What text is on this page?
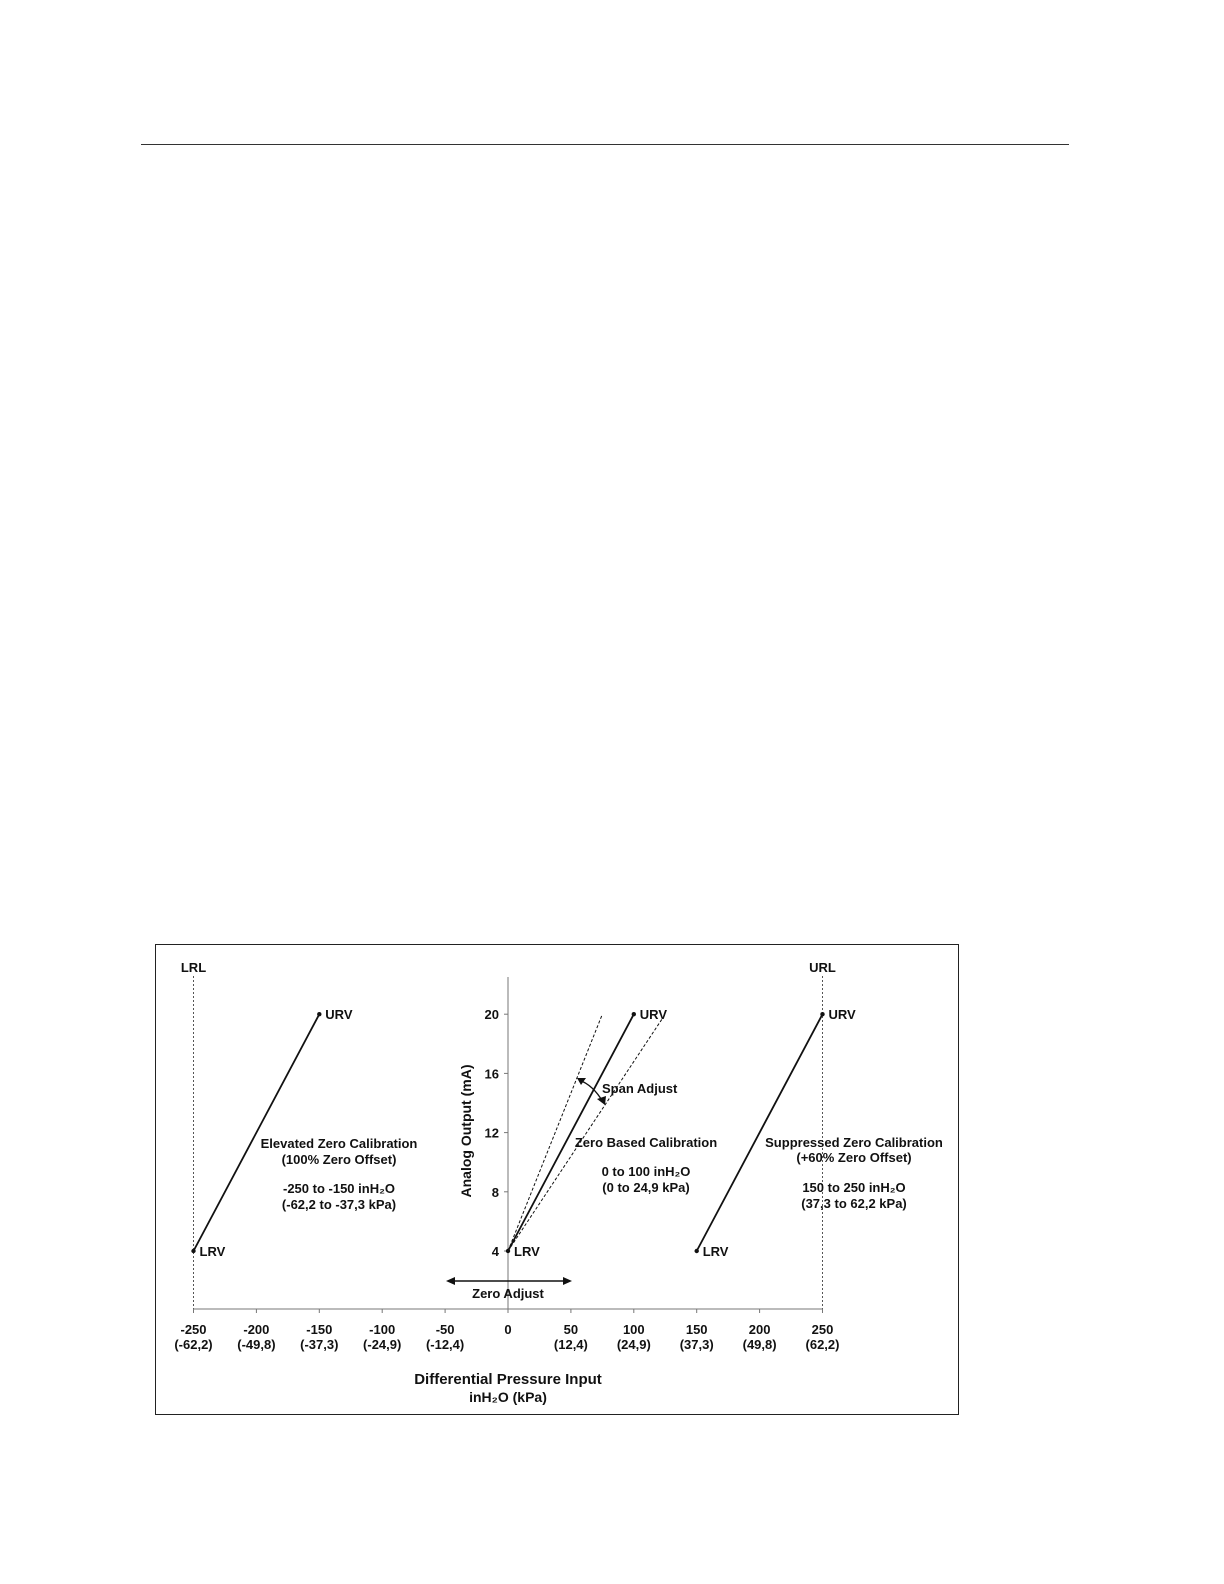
LRL	URL
-250
(-62,2)
-200
(-49,8)
-150
(-37,3)
-100
(-24,9)
-50
(-12,4)
0	50
(12,4)
100
(24,9)
150
(37,3)
200
(49,8)
250
(62,2)
4
8
12
16
20
LRV
URV
LRV
URV
LRV
URV
Elevated Zero Calibration
(100% Zero Offset)
-250 to -150 inH₂O
(-62,2 to -37,3 kPa)
Zero Based Calibration
0 to 100 inH₂O
(0 to 24,9 kPa)
Suppressed Zero Calibration
(+60% Zero Offset)
150 to 250 inH₂O
(37,3 to 62,2 kPa)
Span Adjust
Zero Adjust
Differential Pressure Input
inH₂O (kPa)
Analog Output (mA)
